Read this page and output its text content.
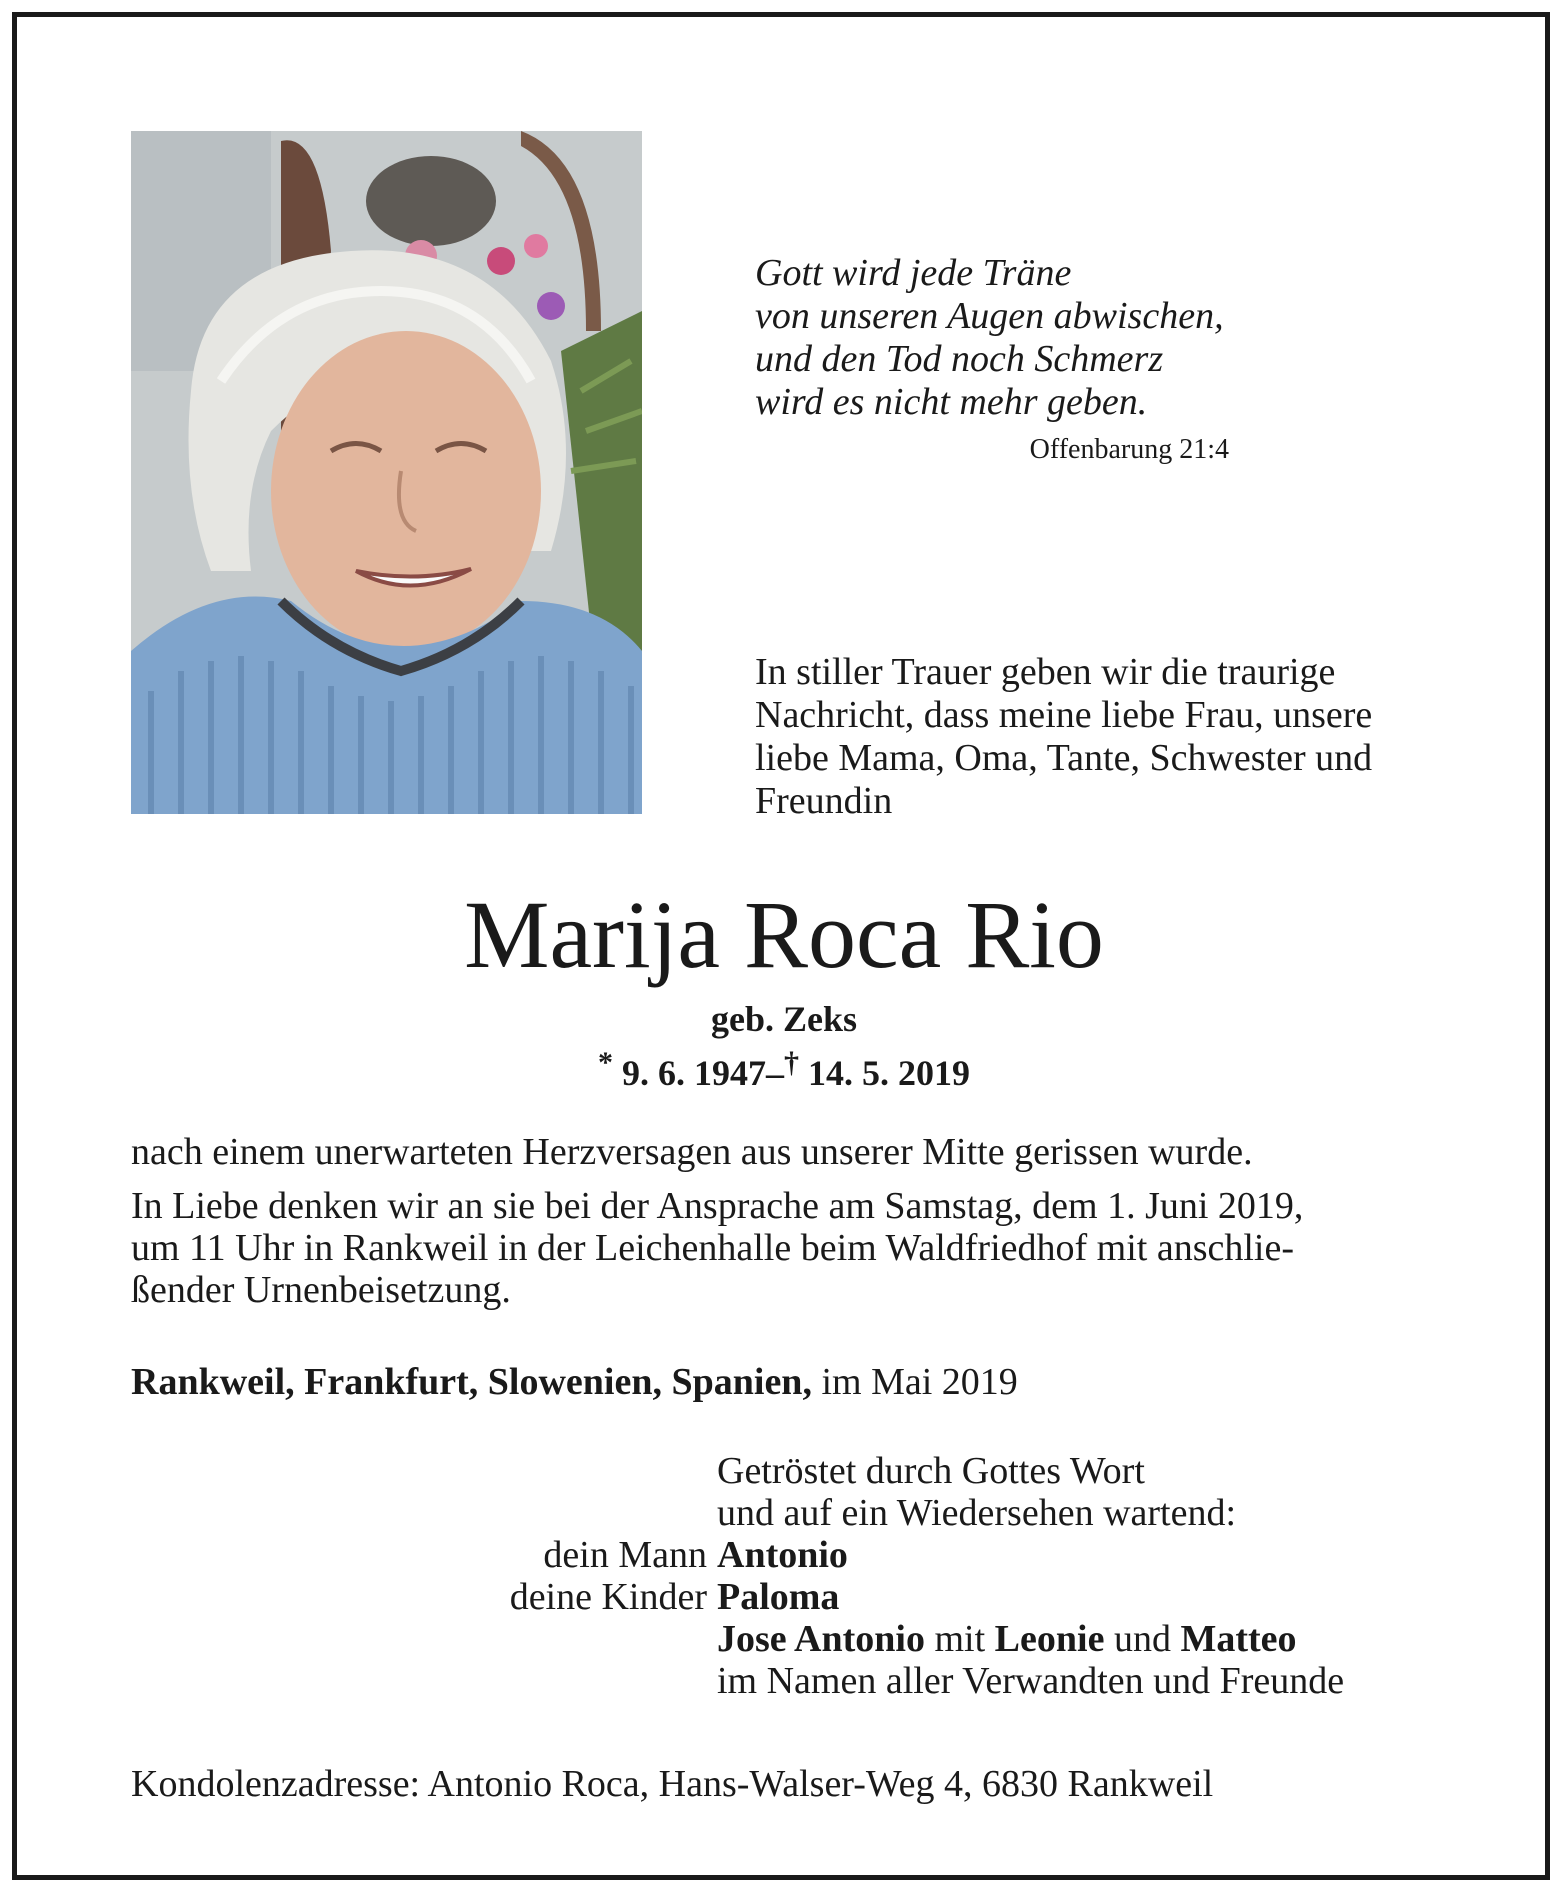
Gott wird jede Träne
von unseren Augen abwischen,
und den Tod noch Schmerz
wird es nicht mehr geben.
Offenbarung 21:4
In stiller Trauer geben wir die traurige
Nachricht, dass meine liebe Frau, unsere
liebe Mama, Oma, Tante, Schwester und
Freundin
Marija Roca Rio
geb. Zeks
* 9. 6. 1947–† 14. 5. 2019
nach einem unerwarteten Herzversagen aus unserer Mitte gerissen wurde.
In Liebe denken wir an sie bei der Ansprache am Samstag, dem 1. Juni 2019,
um 11 Uhr in Rankweil in der Leichenhalle beim Waldfriedhof mit anschlie-
ßender Urnenbeisetzung.
Rankweil, Frankfurt, Slowenien, Spanien, im Mai 2019
Getröstet durch Gottes Wort
und auf ein Wiedersehen wartend:
dein Mann Antonio
deine Kinder Paloma
Jose Antonio mit Leonie und Matteo
im Namen aller Verwandten und Freunde
Kondolenzadresse: Antonio Roca, Hans-Walser-Weg 4, 6830 Rankweil
